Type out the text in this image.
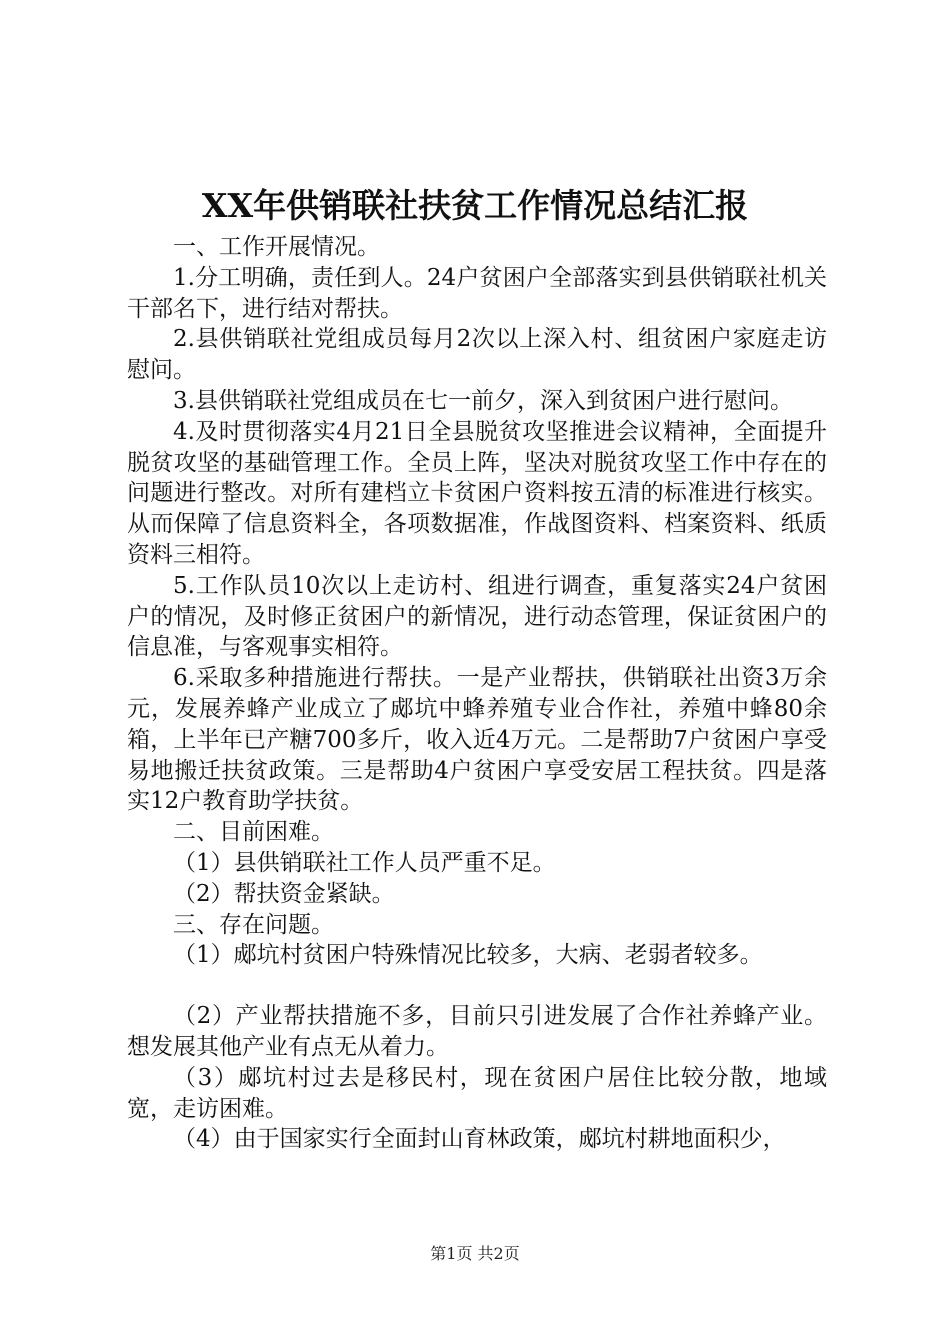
XX年供销联社扶贫工作情况总结汇报

一、工作开展情况。

1.分工明确，责任到人。24户贫困户全部落实到县供销联社机关干部名下，进行结对帮扶。

2.县供销联社党组成员每月2次以上深入村、组贫困户家庭走访慰问。

3.县供销联社党组成员在七一前夕，深入到贫困户进行慰问。

4.及时贯彻落实4月21日全县脱贫攻坚推进会议精神，全面提升脱贫攻坚的基础管理工作。全员上阵，坚决对脱贫攻坚工作中存在的问题进行整改。对所有建档立卡贫困户资料按五清的标准进行核实。从而保障了信息资料全，各项数据准，作战图资料、档案资料、纸质资料三相符。

5.工作队员10次以上走访村、组进行调查，重复落实24户贫困户的情况，及时修正贫困户的新情况，进行动态管理，保证贫困户的信息准，与客观事实相符。

6.采取多种措施进行帮扶。一是产业帮扶，供销联社出资3万余元，发展养蜂产业成立了郕坑中蜂养殖专业合作社，养殖中蜂80余箱，上半年已产糖700多斤，收入近4万元。二是帮助7户贫困户享受易地搬迁扶贫政策。三是帮助4户贫困户享受安居工程扶贫。四是落实12户教育助学扶贫。

二、目前困难。

（1）县供销联社工作人员严重不足。

（2）帮扶资金紧缺。

三、存在问题。

（1）郕坑村贫困户特殊情况比较多，大病、老弱者较多。

（2）产业帮扶措施不多，目前只引进发展了合作社养蜂产业。想发展其他产业有点无从着力。

（3）郕坑村过去是移民村，现在贫困户居住比较分散，地域宽，走访困难。

（4）由于国家实行全面封山育林政策，郕坑村耕地面积少，

第1页 共2页
